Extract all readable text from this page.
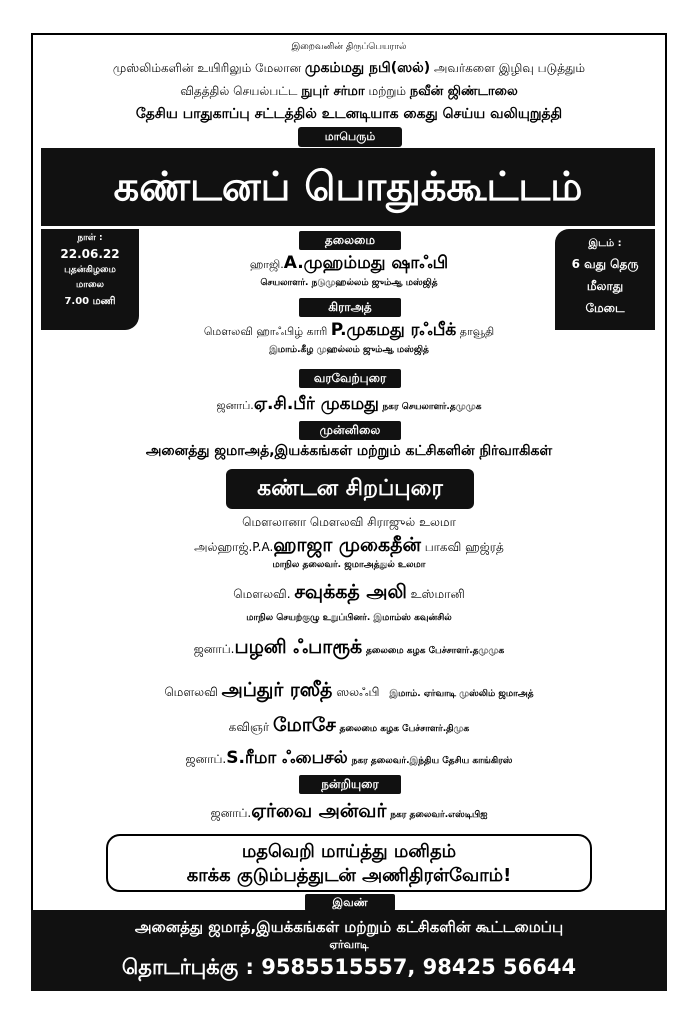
இறைவனின் திருப்பெயரால்
முஸ்லிம்களின் உயிரிலும் மேலான முகம்மது நபி(ஸல்) அவர்களை இழிவு படுத்தும்
விதத்தில் செயல்பட்ட நுபுர் சர்மா மற்றும் நவீன் ஜிண்டாலை
தேசிய பாதுகாப்பு சட்டத்தில் உடனடியாக கைது செய்ய வலியுறுத்தி
மாபெரும்
கண்டனப் பொதுக்கூட்டம்
நாள் :
22.06.22
புதன்கிழமை
மாலை
7.00 மணி
இடம் :
6 வது தெரு
மீலாது
மேடை
தலைமை
ஹாஜி.A.முஹம்மது ஷாஃபி
செயலாளர். நடுமுஹல்லம் ஜும்ஆ மஸ்ஜித்
கிராஅத்
மௌலவி ஹாஃபிழ் காரி P.முகமது ரஃபீக் தாவூதி
இமாம்.கீழ முஹல்லம் ஜும்ஆ மஸ்ஜித்
வரவேற்புரை
ஜனாப்.ஏ.சி.பீர் முகமது நகர செயலாளர்.தமுமுக
முன்னிலை
அனைத்து ஜமாஅத்,இயக்கங்கள் மற்றும் கட்சிகளின் நிர்வாகிகள்
கண்டன சிறப்புரை
மௌலானா மௌலவி சிராஜுல் உலமா
அல்ஹாஜ்.P.A.ஹாஜா முகைதீன் பாகவி ஹஜ்ரத்
மாநில தலைவர். ஜமாஅத்துல் உலமா
மௌலவி. சவுக்கத் அலி உஸ்மானி
மாநில செயற்குழு உறுப்பினர். இமாம்ஸ் கவுன்சில்
ஜனாப்.பழனி ஃபாரூக் தலைமை கழக பேச்சாளர்.தமுமுக
மௌலவி அப்துர் ரஸீத் ஸலஃபி இமாம். ஏர்வாடி முஸ்லிம் ஜமாஅத்
கவிஞர் மோசே தலைமை கழக பேச்சாளர்.திமுக
ஜனாப்.S.ரீமா ஃபைசல் நகர தலைவர்.இந்திய தேசிய காங்கிரஸ்
நன்றியுரை
ஜனாப்.ஏர்வை அன்வர் நகர தலைவர்.எஸ்டிபிஐ
மதவெறி மாய்த்து மனிதம்
காக்க குடும்பத்துடன் அணிதிரள்வோம்!
இவண்
அனைத்து ஜமாத்,இயக்கங்கள் மற்றும் கட்சிகளின் கூட்டமைப்பு
ஏர்வாடி
தொடர்புக்கு : 9585515557, 98425 56644
